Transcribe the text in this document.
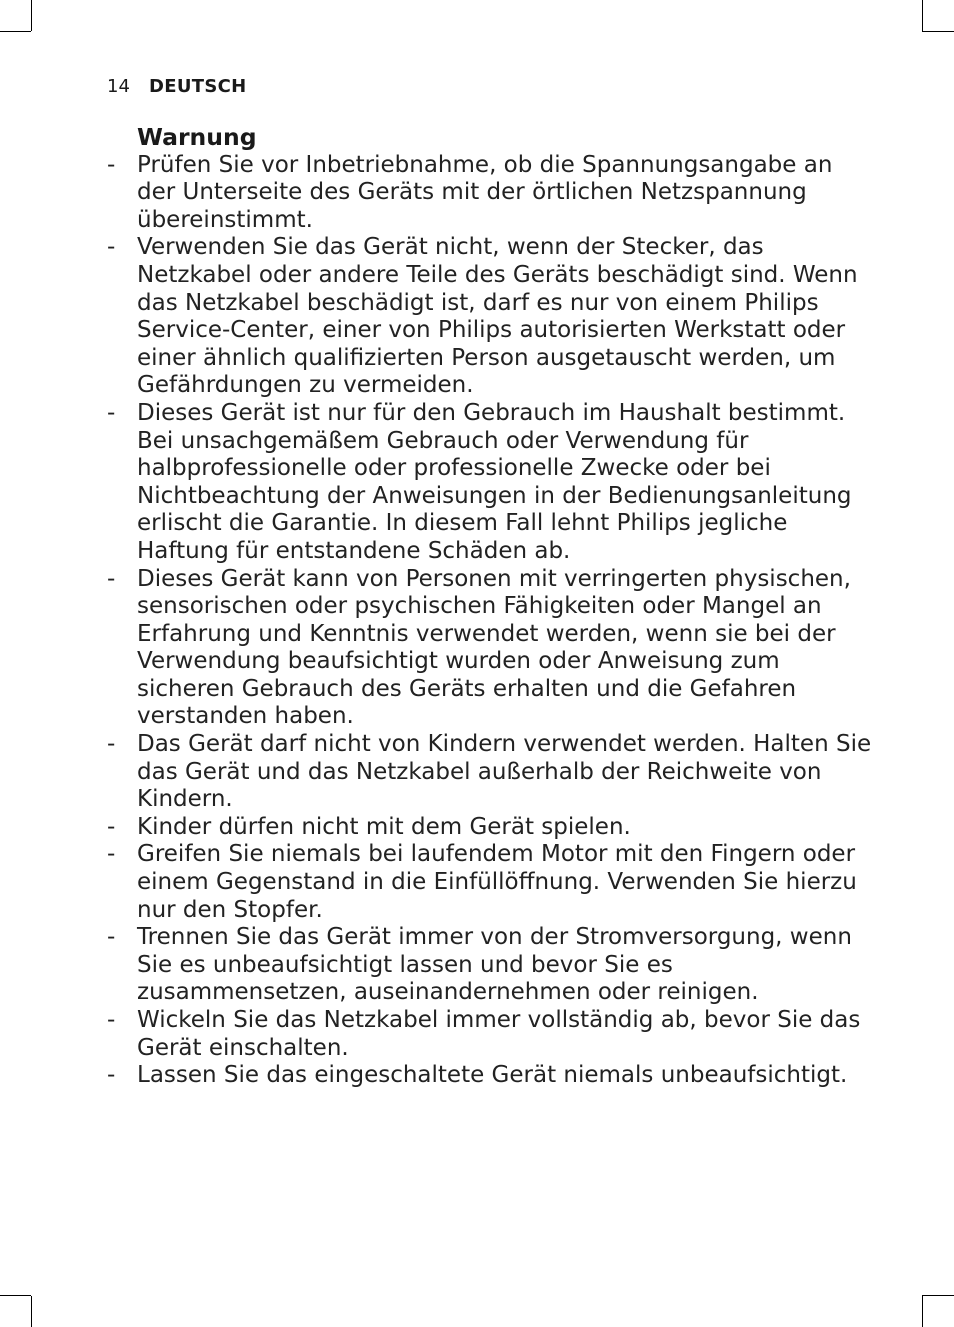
14 DEUTSCH
Warnung
- Prüfen Sie vor Inbetriebnahme, ob die Spannungsangabe an der Unterseite des Geräts mit der örtlichen Netzspannung übereinstimmt.
- Verwenden Sie das Gerät nicht, wenn der Stecker, das Netzkabel oder andere Teile des Geräts beschädigt sind. Wenn das Netzkabel beschädigt ist, darf es nur von einem Philips Service-Center, einer von Philips autorisierten Werkstatt oder einer ähnlich qualifizierten Person ausgetauscht werden, um Gefährdungen zu vermeiden.
- Dieses Gerät ist nur für den Gebrauch im Haushalt bestimmt.
Bei unsachgemäßem Gebrauch oder Verwendung für halbprofessionelle oder professionelle Zwecke oder bei Nichtbeachtung der Anweisungen in der Bedienungsanleitung erlischt die Garantie. In diesem Fall lehnt Philips jegliche Haftung für entstandene Schäden ab.
- Dieses Gerät kann von Personen mit verringerten physischen, sensorischen oder psychischen Fähigkeiten oder Mangel an Erfahrung und Kenntnis verwendet werden, wenn sie bei der Verwendung beaufsichtigt wurden oder Anweisung zum sicheren Gebrauch des Geräts erhalten und die Gefahren verstanden haben.
- Das Gerät darf nicht von Kindern verwendet werden. Halten Sie das Gerät und das Netzkabel außerhalb der Reichweite von Kindern.
- Kinder dürfen nicht mit dem Gerät spielen.
- Greifen Sie niemals bei laufendem Motor mit den Fingern oder einem Gegenstand in die Einfüllöffnung. Verwenden Sie hierzu nur den Stopfer.
- Trennen Sie das Gerät immer von der Stromversorgung, wenn Sie es unbeaufsichtigt lassen und bevor Sie es zusammensetzen, auseinandernehmen oder reinigen.
- Wickeln Sie das Netzkabel immer vollständig ab, bevor Sie das Gerät einschalten.
- Lassen Sie das eingeschaltete Gerät niemals unbeaufsichtigt.
